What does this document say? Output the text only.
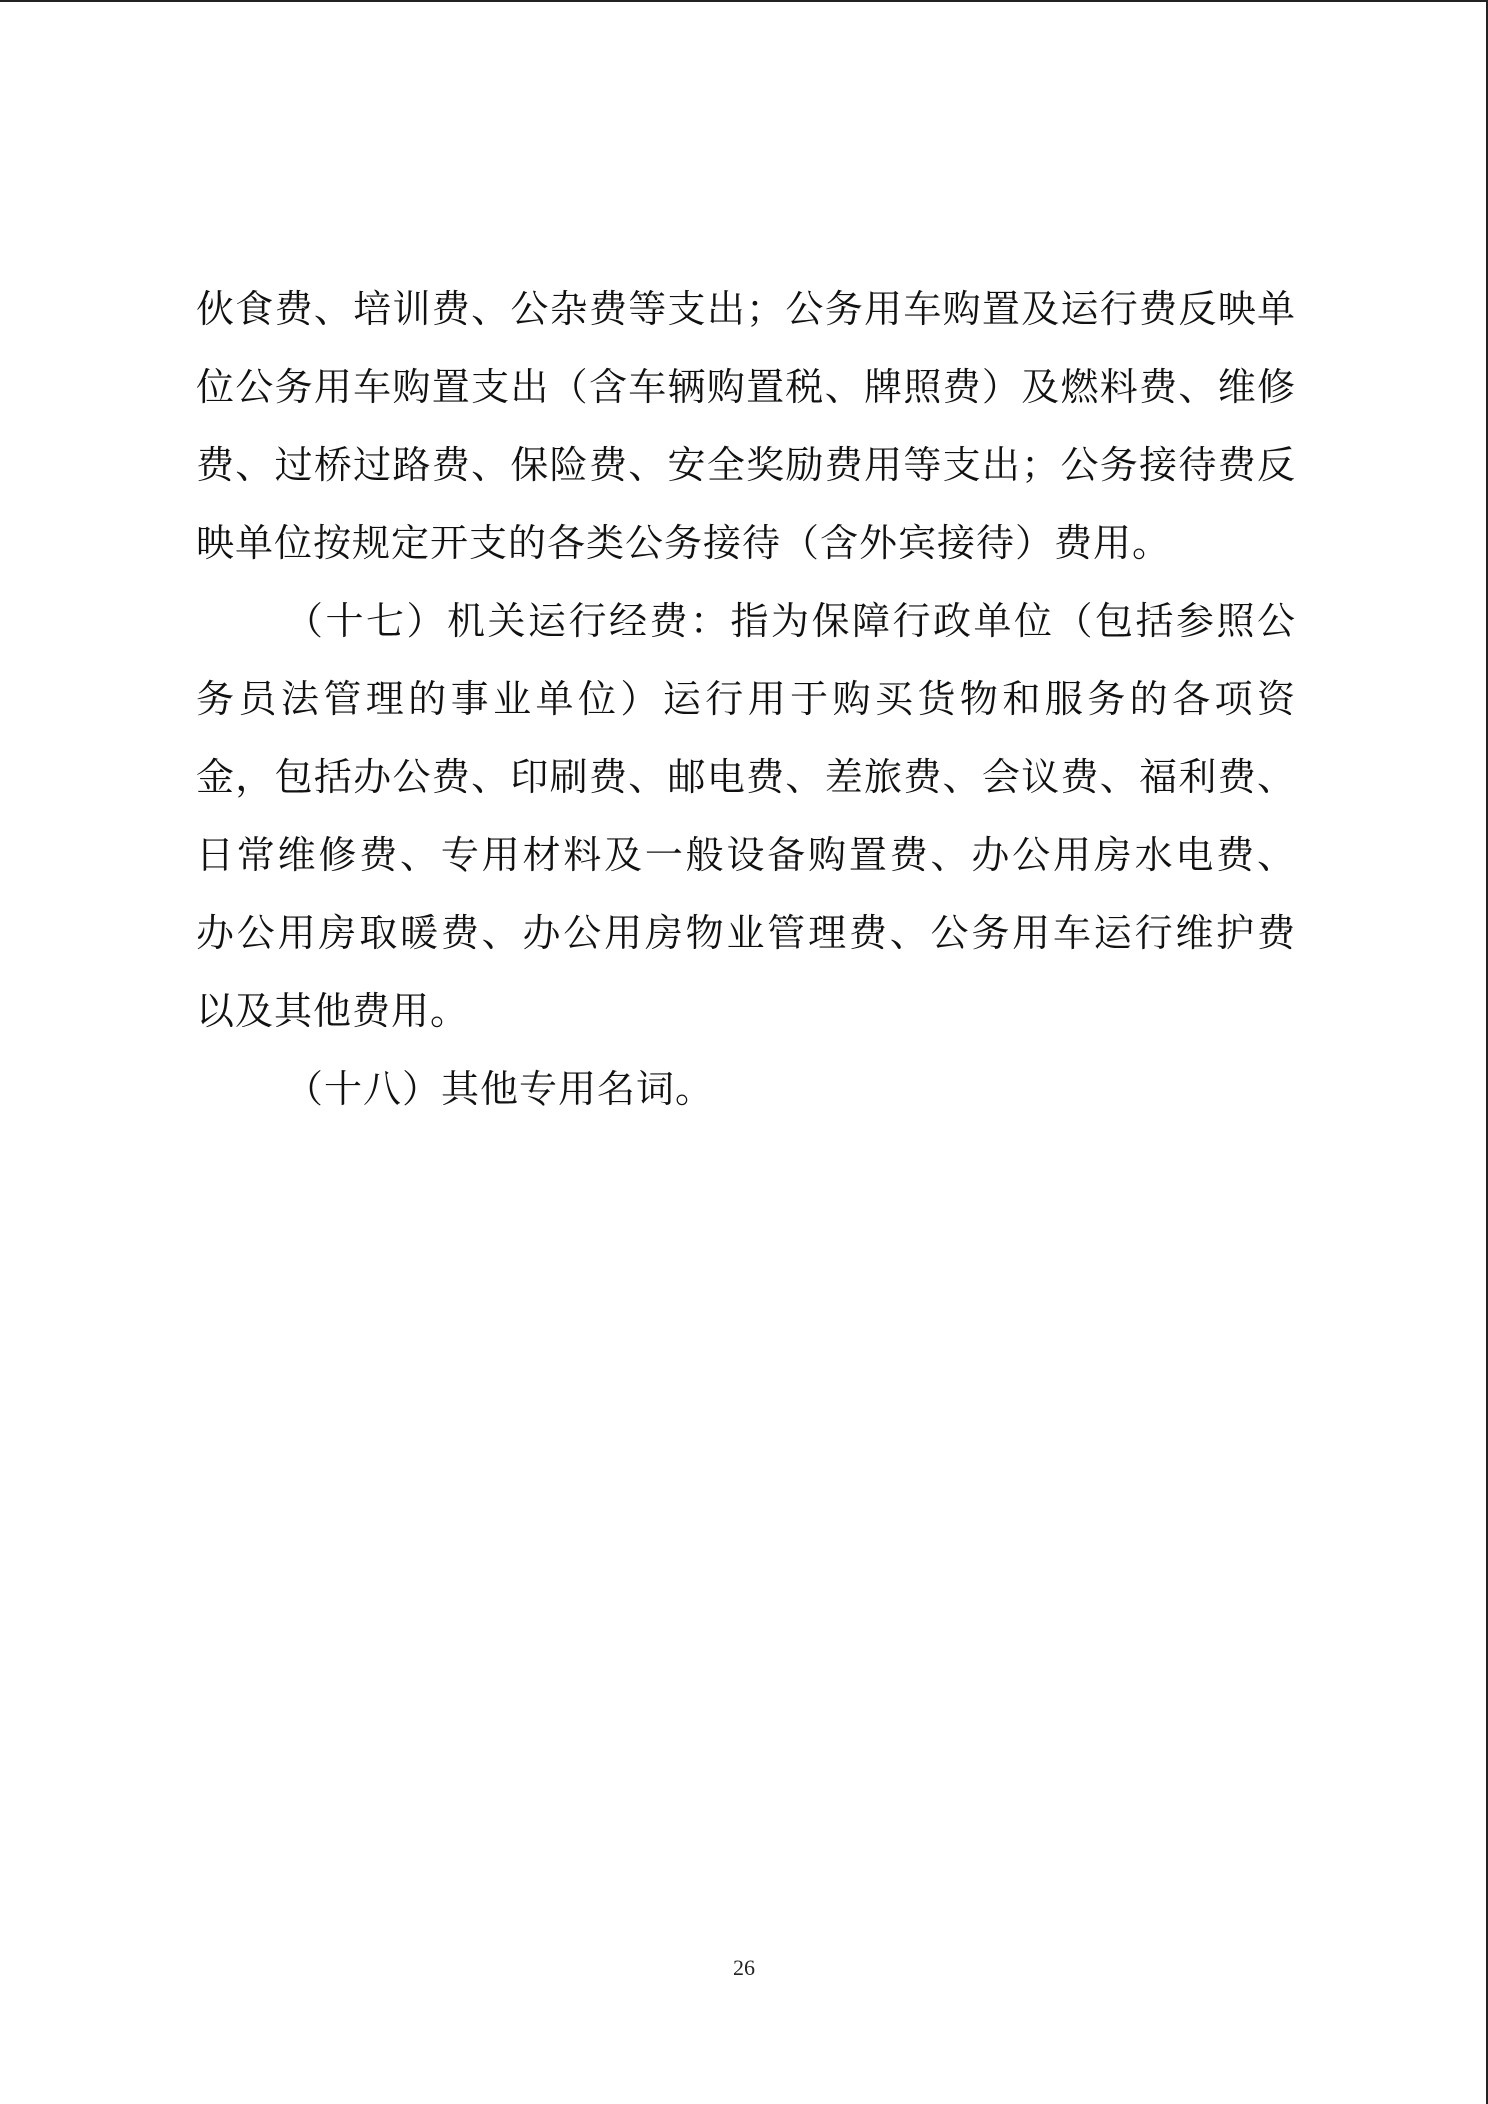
伙食费、培训费、公杂费等支出；公务用车购置及运行费反映单
位公务用车购置支出（含车辆购置税、牌照费）及燃料费、维修
费、过桥过路费、保险费、安全奖励费用等支出；公务接待费反
映单位按规定开支的各类公务接待（含外宾接待）费用。
（十七）机关运行经费：指为保障行政单位（包括参照公
务员法管理的事业单位）运行用于购买货物和服务的各项资
金，包括办公费、印刷费、邮电费、差旅费、会议费、福利费、
日常维修费、专用材料及一般设备购置费、办公用房水电费、
办公用房取暖费、办公用房物业管理费、公务用车运行维护费
以及其他费用。
（十八）其他专用名词。
26
